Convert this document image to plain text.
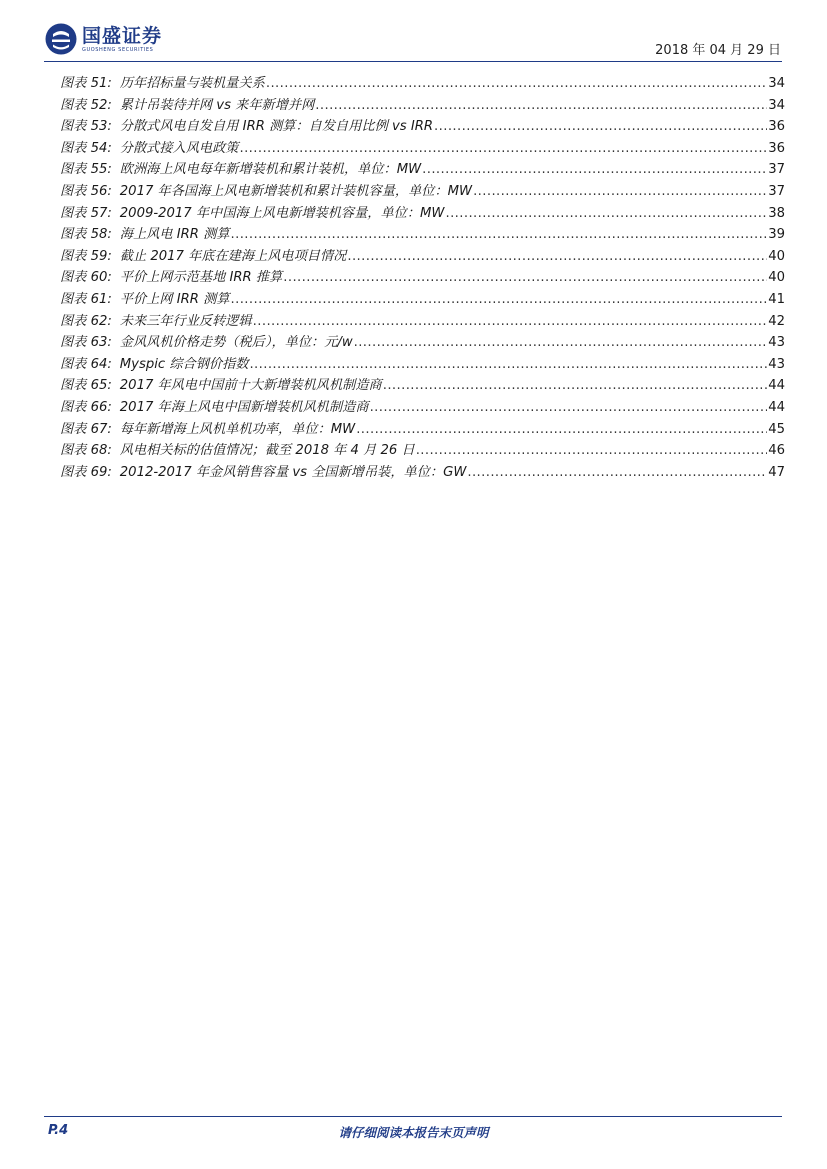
国盛证券
GUOSHENG SECURITIES	2018 年 04 月 29 日
图表 51: 历年招标量与装机量关系 .....	34
图表 52: 累计吊装待并网 vs 来年新增并网 .....	34
图表 53: 分散式风电自发自用 IRR 测算：自发自用比例 vs IRR .....	36
图表 54: 分散式接入风电政策 .....	36
图表 55: 欧洲海上风电每年新增装机和累计装机，单位：MW .....	37
图表 56: 2017 年各国海上风电新增装机和累计装机容量，单位：MW .....	37
图表 57: 2009-2017 年中国海上风电新增装机容量，单位：MW .....	38
图表 58: 海上风电 IRR 测算 .....	39
图表 59: 截止 2017 年底在建海上风电项目情况 .....	40
图表 60: 平价上网示范基地 IRR 推算 .....	40
图表 61: 平价上网 IRR 测算 .....	41
图表 62: 未来三年行业反转逻辑 .....	42
图表 63: 金风风机价格走势（税后），单位：元/w .....	43
图表 64: Myspic 综合钢价指数 .....	43
图表 65: 2017 年风电中国前十大新增装机风机制造商 .....	44
图表 66: 2017 年海上风电中国新增装机风机制造商 .....	44
图表 67: 每年新增海上风机单机功率，单位：MW .....	45
图表 68: 风电相关标的估值情况；截至 2018 年 4 月 26 日 .....	46
图表 69: 2012-2017 年金风销售容量 vs 全国新增吊装，单位：GW .....	47
P.4	请仔细阅读本报告末页声明
